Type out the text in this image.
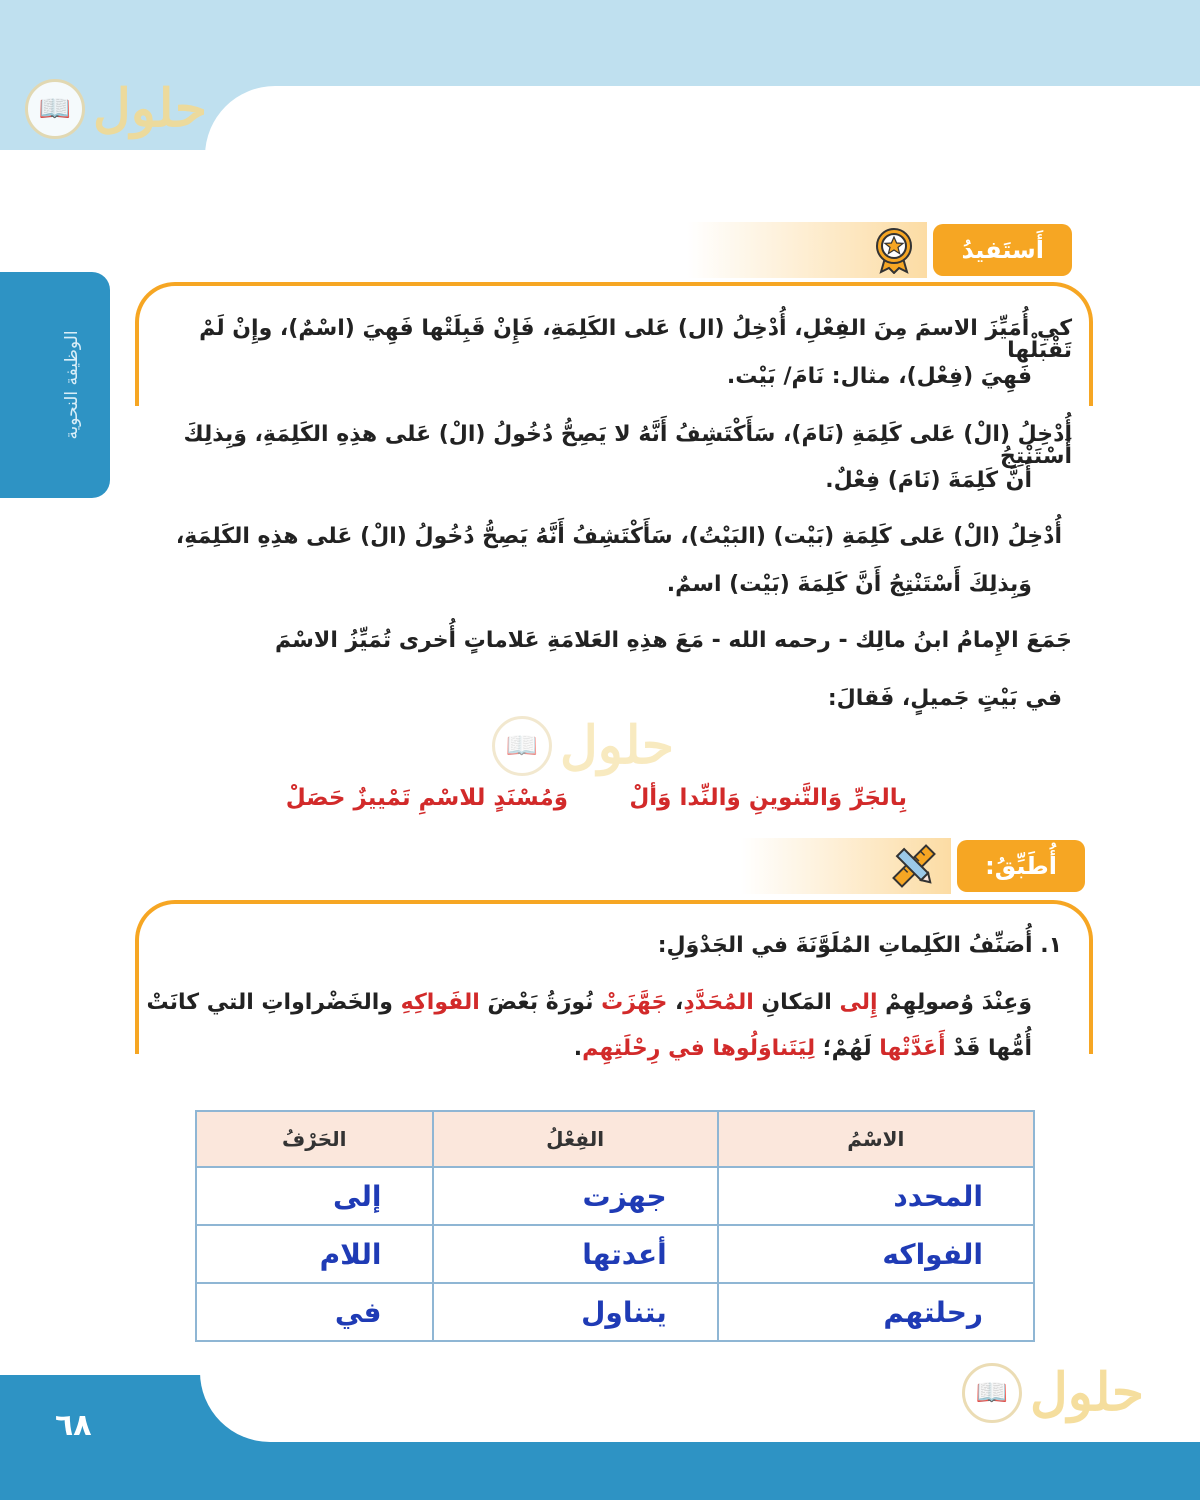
٦٨
📖 حلول
📖 حلول
📖 حلول
الوظيفة النحوية
أَستَفيدُ
كي أُمَيِّزَ الاسمَ مِنَ الفِعْلِ، أُدْخِلُ (ال) عَلى الكَلِمَةِ، فَإِنْ قَبِلَتْها فَهِيَ (اسْمٌ)، وإِنْ لَمْ تَقْبَلْها
فَهِيَ (فِعْل)، مثال: نَامَ/ بَيْت.
أُدْخِلُ (الْ) عَلى كَلِمَةِ (نَامَ)، سَأَكْتَشِفُ أَنَّهُ لا يَصِحُّ دُخُولُ (الْ) عَلى هذِهِ الكَلِمَةِ، وَبِذلِكَ أَسْتَنْتِجُ
أَنَّ كَلِمَةَ (نَامَ) فِعْلٌ.
أُدْخِلُ (الْ) عَلى كَلِمَةِ (بَيْت) (البَيْتُ)، سَأَكْتَشِفُ أَنَّهُ يَصِحُّ دُخُولُ (الْ) عَلى هذِهِ الكَلِمَةِ،
وَبِذلِكَ أَسْتَنْتِجُ أَنَّ كَلِمَةَ (بَيْت) اسمٌ.
جَمَعَ الإِمامُ ابنُ مالِك - رحمه الله - مَعَ هذِهِ العَلامَةِ عَلاماتٍ أُخرى تُمَيِّزُ الاسْمَ
في بَيْتٍ جَميلٍ، فَقالَ:
بِالجَرِّ وَالتَّنوينِ وَالنِّدا وَألْ
وَمُسْنَدٍ للاسْمِ تَمْييزٌ حَصَلْ
أُطَبِّقُ:
١. أُصَنِّفُ الكَلِماتِ المُلَوَّنَةَ في الجَدْوَلِ:
وَعِنْدَ وُصولِهِمْ إِلى المَكانِ المُحَدَّدِ، جَهَّزَتْ نُورَةُ بَعْضَ الفَواكِهِ والخَضْراواتِ التي كانَتْ
أُمُّها قَدْ أَعَدَّتْها لَهُمْ؛ لِيَتَناوَلُوها في رِحْلَتِهِم.
الاسْمُ	الفِعْلُ	الحَرْفُ
المحدد	جهزت	إلى
الفواكه	أعدتها	اللام
رحلتهم	يتناول	في
